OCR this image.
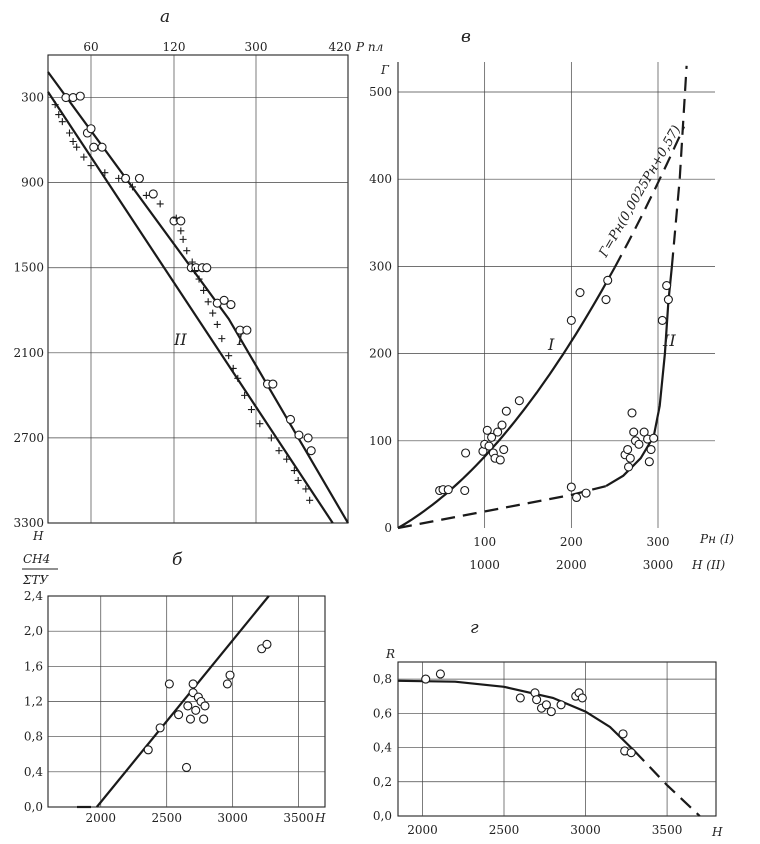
а
60	120	300	420
300
900
1500
2100
2700
3300
P пл
H
I
II
в
0
100
200
300
400
500
100	200	300
1000	2000	3000
Г
Pн (I)
H (II)
Г=Pн(0,0025Pн+0,57)
I	II
б
CH4
ΣTУ
0,0
0,4
0,8
1,2
1,6
2,0
2,4
2000	2500	3000	3500 H
г
R
0,0
0,2
0,4
0,6
0,8
2000	2500	3000	3500 H
